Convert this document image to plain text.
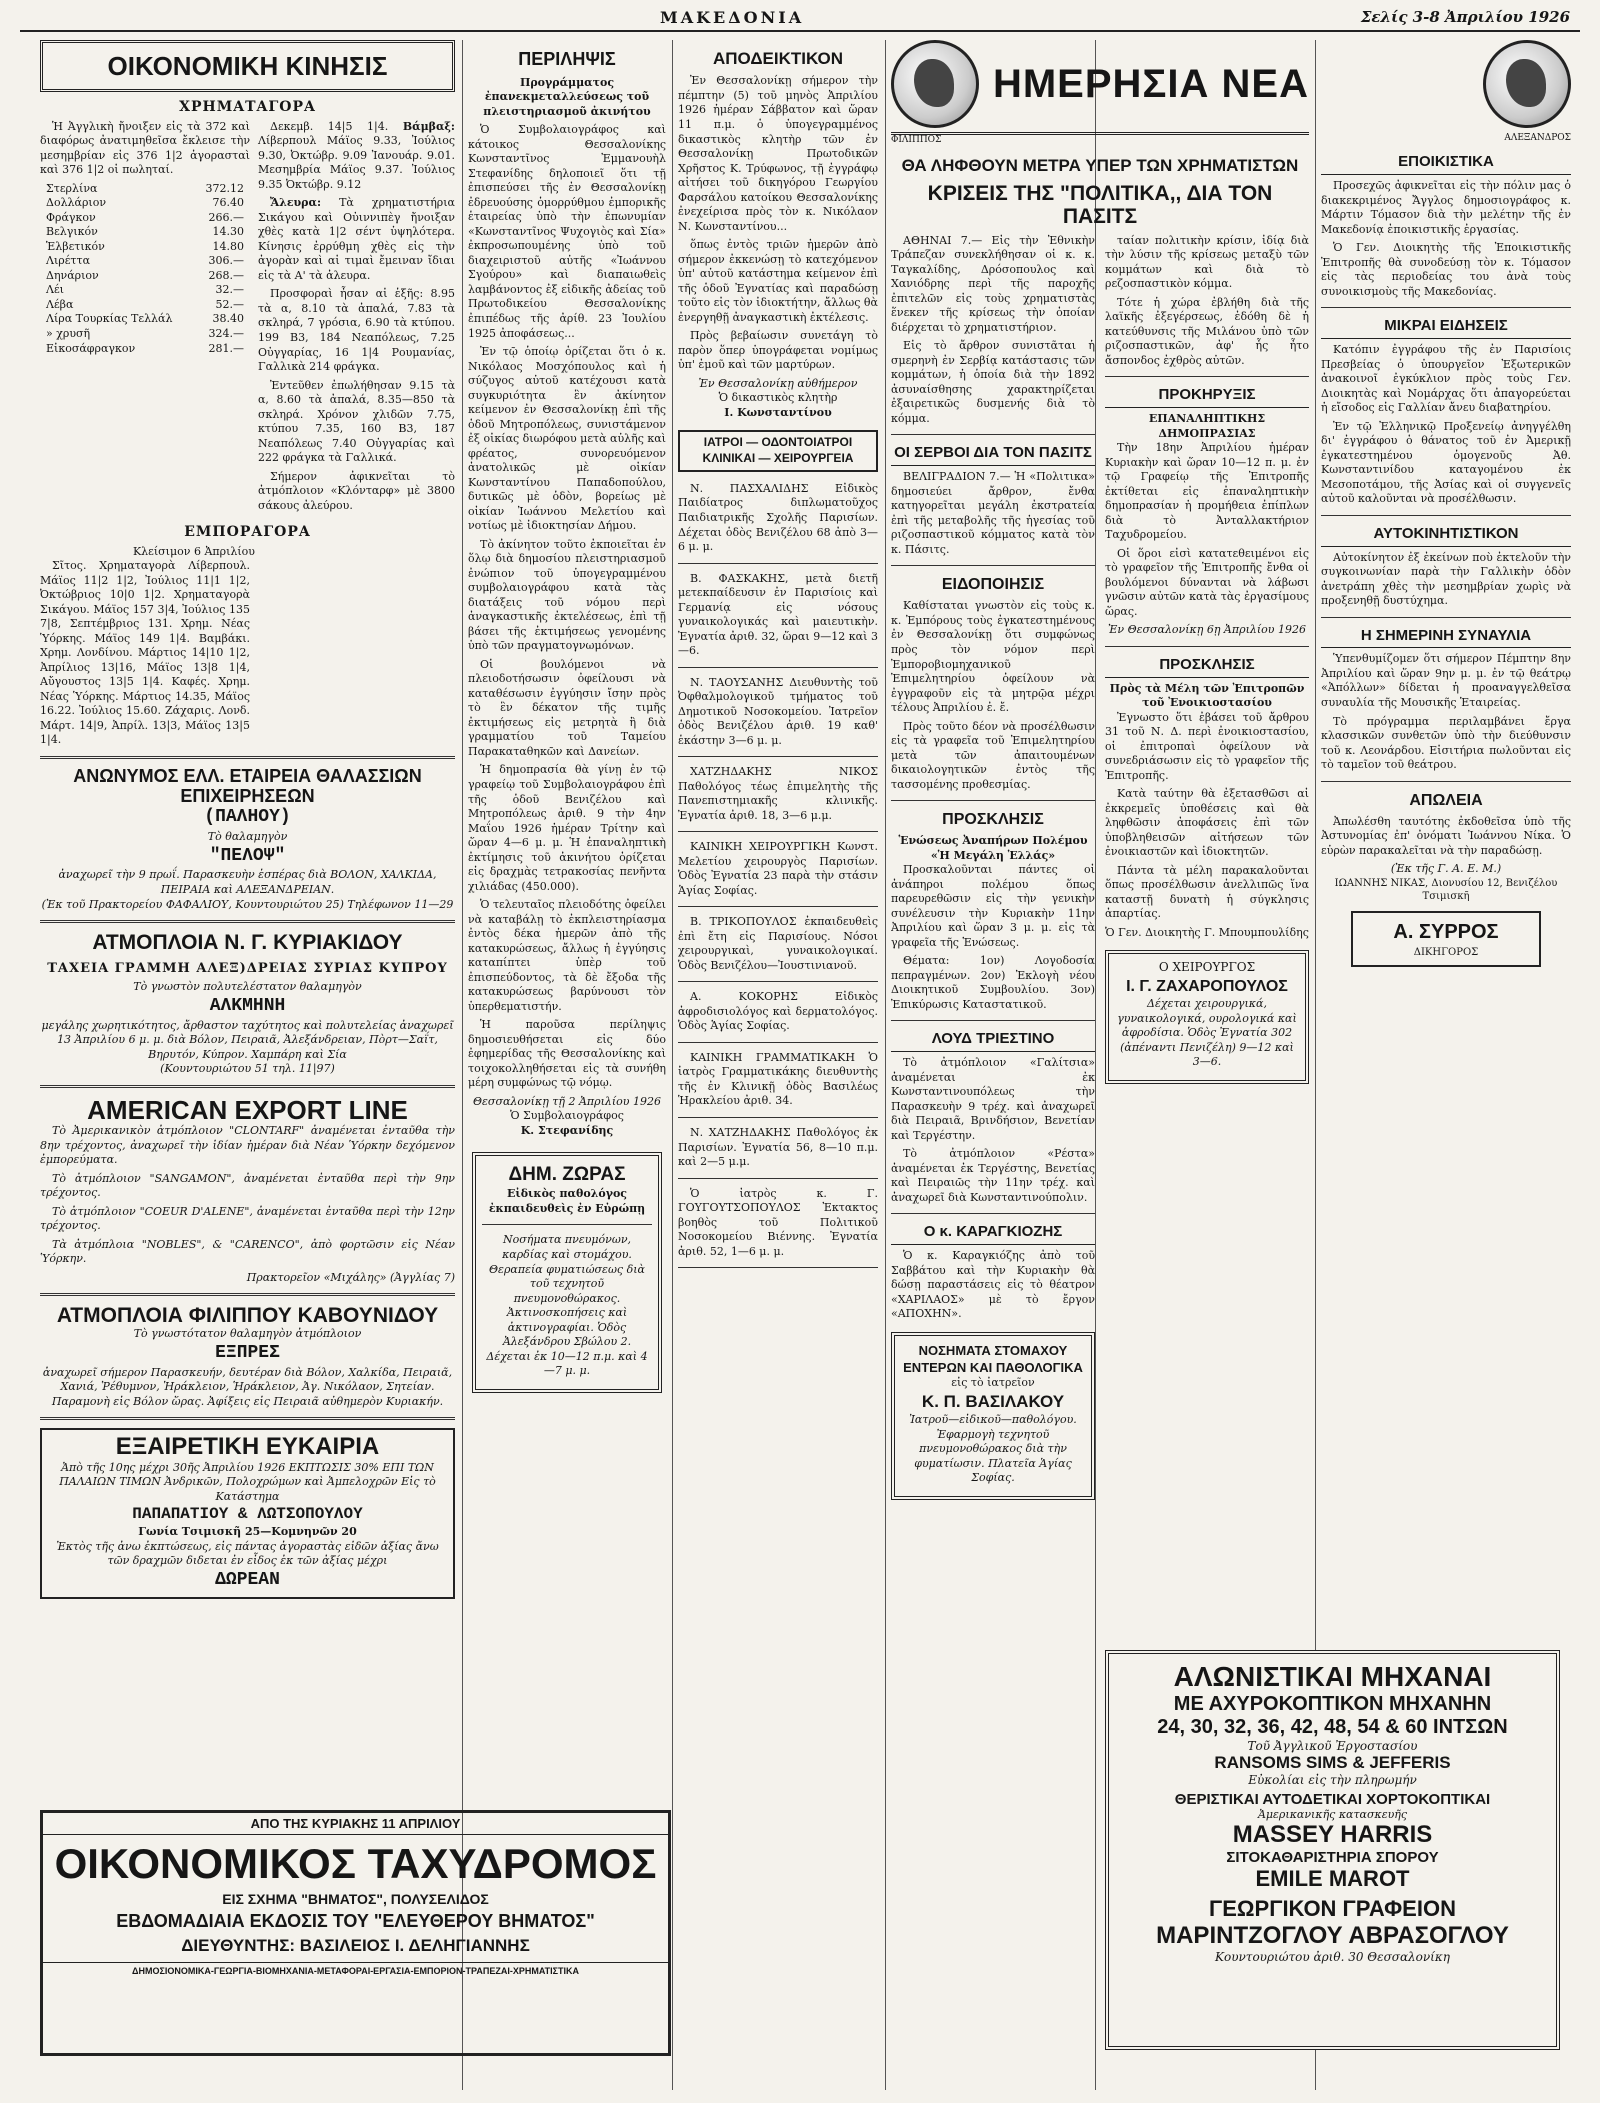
ΜΑΚΕΔΟΝΙΑ	Σελίς 3-8 Ἀπριλίου 1926
ΟΙΚΟΝΟΜΙΚΗ ΚΙΝΗΣΙΣ
ΧΡΗΜΑΤΑΓΟΡΑ

Ἡ Ἀγγλικὴ ἤνοιξεν εἰς τὰ 372 καὶ διαφόρως ἀνατιμηθεῖσα ἔκλεισε τὴν μεσημβρίαν εἰς 376 1|2 ἀγορασταὶ καὶ 376 1|2 οἱ πωληταί.

Στερλίνα	372.12
Δολλάριον	76.40
Φράγκον	266.—
Βελγικόν	14.30
Ἑλβετικόν	14.80
Λιρέττα	306.—
Δηνάριον	268.—
Λέι	32.—
Λέβα	52.—
Λίρα Τουρκίας Τελλάλ	38.40
» χρυσῆ	324.—
Εἰκοσάφραγκον	281.—

Δεκεμβ. 14|5 1|4. Βάμβαξ: Λίβερπουλ Μάϊος 9.33, Ἰούλιος 9.30, Ὀκτώβρ. 9.09 Ἰανουάρ. 9.01. Μεσημβρία Μάϊος 9.37. Ἰούλιος 9.35 Ὀκτώβρ. 9.12

Ἄλευρα: Τὰ χρηματιστήρια Σικάγου καὶ Οὐιννιπὲγ ἤνοιξαν χθὲς κατὰ 1|2 σέντ ὑψηλότερα. Κίνησις ἐρρύθμη χθὲς εἰς τὴν ἀγορὰν καὶ αἱ τιμαὶ ἔμειναν ἴδιαι εἰς τὰ Α' τὰ ἀλευρα.

Προσφοραὶ ἦσαν αἱ ἑξῆς: 8.95 τὰ α, 8.10 τὰ ἀπαλά, 7.83 τὰ σκληρά, 7 γρόσια, 6.90 τὰ κτύπου. 199 Β3, 184 Νεαπόλεως, 7.25 Οὐγγαρίας, 16 1|4 Ρουμανίας, Γαλλικὰ 214 φράγκα.

Ἐντεῦθεν ἐπωλήθησαν 9.15 τὰ α, 8.60 τὰ ἀπαλά, 8.35—850 τὰ σκληρά. Χρόνον χλιδῶν 7.75, κτύπου 7.35, 160 Β3, 187 Νεαπόλεως 7.40 Οὐγγαρίας καὶ 222 φράγκα τὰ Γαλλικά.

Σήμερον ἀφικνεῖται τὸ ἀτμόπλοιον «Κλόνταρφ» μὲ 3800 σάκους ἀλεύρου.

ΕΜΠΟΡΑΓΟΡΑ
Κλείσιμον 6 Ἀπριλίου

Σῖτος. Χρηματαγορὰ Λίβερπουλ. Μάϊος 11|2 1|2, Ἰούλιος 11|1 1|2, Ὀκτώβριος 10|0 1|2. Χρηματαγορὰ Σικάγου. Μάϊος 157 3|4, Ἰούλιος 135 7|8, Σεπτέμβριος 131. Χρημ. Νέας Ὑόρκης. Μάϊος 149 1|4. Βαμβάκι. Χρημ. Λονδίνου. Μάρτιος 14|10 1|2, Ἀπρίλιος 13|16, Μάϊος 13|8 1|4, Αὔγουστος 13|5 1|4. Καφές. Χρημ. Νέας Ὑόρκης. Μάρτιος 14.35, Μάϊος 16.22. Ἰούλιος 15.60. Ζάχαρις. Λονδ. Μάρτ. 14|9, Ἀπρίλ. 13|3, Μάϊος 13|5 1|4.

ΑΝΩΝΥΜΟΣ ΕΛΛ. ΕΤΑΙΡΕΙΑ ΘΑΛΑΣΣΙΩΝ ΕΠΙΧΕΙΡΗΣΕΩΝ
(ΠΑΛΗΟΥ)
Τὸ θαλαμηγὸν
"ΠΕΛΟΨ"
ἀναχωρεῖ τὴν 9 πρωΐ. Παρασκευὴν ἑσπέρας διὰ ΒΟΛΟΝ, ΧΑΛΚΙΔΑ, ΠΕΙΡΑΙΑ καὶ ΑΛΕΞΑΝΔΡΕΙΑΝ.
(Ἐκ τοῦ Πρακτορείου ΦΑΦΑΛΙΟΥ, Κουντουριώτου 25) Τηλέφωνον 11—29
ΑΤΜΟΠΛΟΙΑ Ν. Γ. ΚΥΡΙΑΚΙΔΟΥ
ΤΑΧΕΙΑ ΓΡΑΜΜΗ ΑΛΕΞ)ΔΡΕΙΑΣ ΣΥΡΙΑΣ ΚΥΠΡΟΥ
Τὸ γνωστὸν πολυτελέστατον θαλαμηγὸν
ΑΛΚΜΗΝΗ
μεγάλης χωρητικότητος, ἄρθαστον ταχύτητος καὶ πολυτελείας ἀναχωρεῖ 13 Ἀπριλίου 6 μ. μ. διὰ Βόλον, Πειραιᾶ, Ἀλεξάνδρειαν, Πὸρτ—Σαΐτ, Βηρυτόν, Κύπρον. Χαμπάρη καὶ Σία
(Κουντουριώτου 51 τηλ. 11|97)
AMERICAN EXPORT LINE

Τὸ Ἀμερικανικὸν ἀτμόπλοιον "CLONTARF" ἀναμένεται ἐνταῦθα τὴν 8ην τρέχοντος, ἀναχωρεῖ τὴν ἰδίαν ἡμέραν διὰ Νέαν Ὑόρκην δεχόμενον ἐμπορεύματα.

Τὸ ἀτμόπλοιον "SANGAMON", ἀναμένεται ἐνταῦθα περὶ τὴν 9ην τρέχοντος.

Τὸ ἀτμόπλοιον "COEUR D'ALENE", ἀναμένεται ἐνταῦθα περὶ τὴν 12ην τρέχοντος.

Τὰ ἀτμόπλοια "NOBLES", & "CARENCO", ἀπὸ φορτῶσιν εἰς Νέαν Ὑόρκην.

Πρακτορεῖον «Μιχάλης» (Ἀγγλίας 7)
ΑΤΜΟΠΛΟΙΑ ΦΙΛΙΠΠΟΥ ΚΑΒΟΥΝΙΔΟΥ
Τὸ γνωστότατον θαλαμηγὸν ἀτμόπλοιον
ΕΞΠΡΕΣ
ἀναχωρεῖ σήμερον Παρασκευήν, δευτέραν διὰ Βόλον, Χαλκίδα, Πειραιᾶ, Χανιά, Ῥέθυμνον, Ἡράκλειον, Ἡράκλειον, Ἀγ. Νικόλαον, Σητείαν. Παραμονὴ εἰς Βόλον ὥρας. Ἀφίξεις εἰς Πειραιᾶ αὐθημερὸν Κυριακήν.
ΕΞΑΙΡΕΤΙΚΗ ΕΥΚΑΙΡΙΑ
Ἀπὸ τῆς 10ης μέχρι 30ῆς Ἀπριλίου 1926 ΕΚΠΤΩΣΙΣ 30% ΕΠΙ ΤΩΝ ΠΑΛΑΙΩΝ ΤΙΜΩΝ Ἀνδρικῶν, Πολοχρώμων καὶ Ἀμπελοχρῶν Εἰς τὸ Κατάστημα
ΠΑΠΑΠΑΤΙΟΥ & ΛΩΤΣΟΠΟΥΛΟΥ
Γωνία Τσιμισκῆ 25—Κομνηνῶν 20
Ἐκτὸς τῆς ἀνω ἐκπτώσεως, εἰς πάντας ἀγοραστὰς εἰδῶν ἀξίας ἄνω τῶν δραχμῶν διδεται ἐν εἶδος ἐκ τῶν ἀξίας μέχρι
ΔΩΡΕΑΝ
ΑΠΟ ΤΗΣ ΚΥΡΙΑΚΗΣ 11 ΑΠΡΙΛΙΟΥ
ΟΙΚΟΝΟΜΙΚΟΣ ΤΑΧΥΔΡΟΜΟΣ
ΕΙΣ ΣΧΗΜΑ "ΒΗΜΑΤΟΣ", ΠΟΛΥΣΕΛΙΔΟΣ
ΕΒΔΟΜΑΔΙΑΙΑ ΕΚΔΟΣΙΣ ΤΟΥ "ΕΛΕΥΘΕΡΟΥ ΒΗΜΑΤΟΣ"
ΔΙΕΥΘΥΝΤΗΣ: ΒΑΣΙΛΕΙΟΣ Ι. ΔΕΛΗΓΙΑΝΝΗΣ
ΔΗΜΟΣΙΟΝΟΜΙΚΑ-ΓΕΩΡΓΙΑ-ΒΙΟΜΗΧΑΝΙΑ-ΜΕΤΑΦΟΡΑΙ-ΕΡΓΑΣΙΑ-ΕΜΠΟΡΙΟΝ-ΤΡΑΠΕΖΑΙ-ΧΡΗΜΑΤΙΣΤΙΚΑ
ΠΕΡΙΛΗΨΙΣ
Προγράμματος ἐπανεκμεταλλεύσεως τοῦ πλειστηριασμοῦ ἀκινήτου

Ὁ Συμβολαιογράφος καὶ κάτοικος Θεσσαλονίκης Κωνσταντῖνος Ἐμμανουὴλ Στεφανίδης δηλοποιεῖ ὅτι τῇ ἐπισπεύσει τῆς ἐν Θεσσαλονίκῃ ἐδρευούσης ὁμορρύθμου ἐμπορικῆς ἑταιρείας ὑπὸ τὴν ἐπωνυμίαν «Κωνσταντῖνος Ψυχογιὸς καὶ Σία» ἐκπροσωπουμένης ὑπὸ τοῦ διαχειριστοῦ αὐτῆς «Ἰωάννου Σγούρου» καὶ διαπαιωθεὶς λαμβάνοντος ἐξ εἰδικῆς ἀδείας τοῦ Πρωτοδικείου Θεσσαλονίκης ἐπιπέδως τῆς ἀρίθ. 23 Ἰουλίου 1925 ἀποφάσεως...

Ἐν τῷ ὁποίῳ ὁρίζεται ὅτι ὁ κ. Νικόλαος Μοσχόπουλος καὶ ἡ σύζυγος αὐτοῦ κατέχουσι κατὰ συγκυριότητα ἓν ἀκίνητον κείμενον ἐν Θεσσαλονίκῃ ἐπὶ τῆς ὁδοῦ Μητροπόλεως, συνιστάμενον ἐξ οἰκίας διωρόφου μετὰ αὐλῆς καὶ φρέατος, συνορευόμενον ἀνατολικῶς μὲ οἰκίαν Κωνσταντίνου Παπαδοπούλου, δυτικῶς μὲ ὁδὸν, βορείως μὲ οἰκίαν Ἰωάννου Μελετίου καὶ νοτίως μὲ ἰδιοκτησίαν Δήμου.

Τὸ ἀκίνητον τοῦτο ἐκποιεῖται ἐν ὅλῳ διὰ δημοσίου πλειστηριασμοῦ ἐνώπιον τοῦ ὑπογεγραμμένου συμβολαιογράφου κατὰ τὰς διατάξεις τοῦ νόμου περὶ ἀναγκαστικῆς ἐκτελέσεως, ἐπὶ τῇ βάσει τῆς ἐκτιμήσεως γενομένης ὑπὸ τῶν πραγματογνωμόνων.

Οἱ βουλόμενοι νὰ πλειοδοτήσωσιν ὀφείλουσι νὰ καταθέσωσιν ἐγγύησιν ἴσην πρὸς τὸ ἓν δέκατον τῆς τιμῆς ἐκτιμήσεως εἰς μετρητὰ ἢ διὰ γραμματίου τοῦ Ταμείου Παρακαταθηκῶν καὶ Δανείων.

Ἡ δημοπρασία θὰ γίνῃ ἐν τῷ γραφείῳ τοῦ Συμβολαιογράφου ἐπὶ τῆς ὁδοῦ Βενιζέλου καὶ Μητροπόλεως ἀριθ. 9 τὴν 4ην Μαΐου 1926 ἡμέραν Τρίτην καὶ ὥραν 4—6 μ. μ. Ἡ ἐπαναληπτικὴ ἐκτίμησις τοῦ ἀκινήτου ὁρίζεται εἰς δραχμὰς τετρακοσίας πενῆντα χιλιάδας (450.000).

Ὁ τελευταῖος πλειοδότης ὀφείλει νὰ καταβάλῃ τὸ ἐκπλειστηρίασμα ἐντὸς δέκα ἡμερῶν ἀπὸ τῆς κατακυρώσεως, ἄλλως ἡ ἐγγύησις καταπίπτει ὑπὲρ τοῦ ἐπισπεύδοντος, τὰ δὲ ἔξοδα τῆς κατακυρώσεως βαρύνουσι τὸν ὑπερθεματιστήν.

Ἡ παροῦσα περίληψις δημοσιευθήσεται εἰς δύο ἐφημερίδας τῆς Θεσσαλονίκης καὶ τοιχοκολληθήσεται εἰς τὰ συνήθη μέρη συμφώνως τῷ νόμῳ.

Θεσσαλονίκῃ τῇ 2 Ἀπριλίου 1926
Ὁ Συμβολαιογράφος
Κ. Στεφανίδης
ΔΗΜ. ΖΩΡΑΣ
Εἰδικὸς παθολόγος ἐκπαιδευθεὶς ἐν Εὐρώπῃ

Νοσήματα πνευμόνων, καρδίας καὶ στομάχου. Θεραπεία φυματιώσεως διὰ τοῦ τεχνητοῦ πνευμονοθώρακος. Ἀκτινοσκοπήσεις καὶ ἀκτινογραφίαι. Ὁδὸς Ἀλεξάνδρου Σβώλου 2. Δέχεται ἐκ 10—12 π.μ. καὶ 4—7 μ. μ.

ΑΠΟΔΕΙΚΤΙΚΟΝ

Ἐν Θεσσαλονίκῃ σήμερον τὴν πέμπτην (5) τοῦ μηνὸς Ἀπριλίου 1926 ἡμέραν Σάββατον καὶ ὥραν 11 π.μ. ὁ ὑπογεγραμμένος δικαστικὸς κλητὴρ τῶν ἐν Θεσσαλονίκῃ Πρωτοδικῶν Χρῆστος Κ. Τρύφωνος, τῇ ἐγγράφῳ αἰτήσει τοῦ δικηγόρου Γεωργίου Φαρσάλου κατοίκου Θεσσαλονίκης ἐνεχείρισα πρὸς τὸν κ. Νικόλαον Ν. Κωνσταντίνου...

ὅπως ἐντὸς τριῶν ἡμερῶν ἀπὸ σήμερον ἐκκενώσῃ τὸ κατεχόμενον ὑπ' αὐτοῦ κατάστημα κείμενον ἐπὶ τῆς ὁδοῦ Ἐγνατίας καὶ παραδώσῃ τοῦτο εἰς τὸν ἰδιοκτήτην, ἄλλως θὰ ἐνεργηθῇ ἀναγκαστικὴ ἐκτέλεσις.

Πρὸς βεβαίωσιν συνετάγη τὸ παρὸν ὅπερ ὑπογράφεται νομίμως ὑπ' ἐμοῦ καὶ τῶν μαρτύρων.

Ἐν Θεσσαλονίκῃ αὐθήμερον
Ὁ δικαστικὸς κλητὴρ
Ι. Κωνσταντίνου
ΙΑΤΡΟΙ — ΟΔΟΝΤΟΙΑΤΡΟΙ ΚΛΙΝΙΚΑΙ — ΧΕΙΡΟΥΡΓΕΙΑ

Ν. ΠΑΣΧΑΛΙΔΗΣ Εἰδικὸς Παιδίατρος διπλωματοῦχος Παιδιατρικῆς Σχολῆς Παρισίων. Δέχεται ὁδὸς Βενιζέλου 68 ἀπὸ 3—6 μ. μ.

Β. ΦΑΣΚΑΚΗΣ, μετὰ διετῆ μετεκπαίδευσιν ἐν Παρισίοις καὶ Γερμανίᾳ εἰς νόσους γυναικολογικάς καὶ μαιευτικὴν. Ἐγνατία ἀριθ. 32, ὥραι 9—12 καὶ 3—6.

Ν. ΤΑΟΥΣΑΝΗΣ Διευθυντὴς τοῦ Ὀφθαλμολογικοῦ τμήματος τοῦ Δημοτικοῦ Νοσοκομείου. Ἰατρεῖον ὁδὸς Βενιζέλου ἀριθ. 19 καθ' ἑκάστην 3—6 μ. μ.

ΧΑΤΖΗΔΑΚΗΣ ΝΙΚΟΣ Παθολόγος τέως ἐπιμελητὴς τῆς Πανεπιστημιακῆς κλινικῆς. Ἐγνατία ἀριθ. 18, 3—6 μ.μ.

ΚΑΙΝΙΚΗ ΧΕΙΡΟΥΡΓΙΚΗ Κωνστ. Μελετίου χειρουργὸς Παρισίων. Ὁδὸς Ἐγνατία 23 παρὰ τὴν στάσιν Ἁγίας Σοφίας.

Β. ΤΡΙΚΟΠΟΥΛΟΣ ἐκπαιδευθεὶς ἐπὶ ἔτη εἰς Παρισίους. Νόσοι χειρουργικαὶ, γυναικολογικαί. Ὁδὸς Βενιζέλου—Ἰουστινιανοῦ.

Α. ΚΟΚΟΡΗΣ Εἰδικὸς ἀφροδισιολόγος καὶ δερματολόγος. Ὁδὸς Ἁγίας Σοφίας.

ΚΑΙΝΙΚΗ ΓΡΑΜΜΑΤΙΚΑΚΗ Ὁ ἰατρὸς Γραμματικάκης διευθυντὴς τῆς ἐν Κλινικῇ ὁδὸς Βασιλέως Ἡρακλείου ἀριθ. 34.

Ν. ΧΑΤΖΗΔΑΚΗΣ Παθολόγος ἐκ Παρισίων. Ἐγνατία 56, 8—10 π.μ. καὶ 2—5 μ.μ.

Ὁ ἰατρὸς κ. Γ. ΓΟΥΓΟΥΤΣΟΠΟΥΛΟΣ Ἐκτακτος βοηθὸς τοῦ Πολιτικοῦ Νοσοκομείου Βιέννης. Ἐγνατία ἀριθ. 52, 1—6 μ. μ.

ΗΜΕΡΗΣΙΑ ΝΕΑ
ΦΙΛΙΠΠΟΣ
ΘΑ ΛΗΦΘΟΥΝ ΜΕΤΡΑ ΥΠΕΡ ΤΩΝ ΧΡΗΜΑΤΙΣΤΩΝ
ΚΡΙΣΕΙΣ ΤΗΣ "ΠΟΛΙΤΙΚΑ,, ΔΙΑ ΤΟΝ ΠΑΣΙΤΣ

ΑΘΗΝΑΙ 7.— Εἰς τὴν Ἐθνικὴν Τράπεζαν συνεκλήθησαν οἱ κ. κ. Ταγκαλίδης, Δρόσοπουλος καὶ Χανιόδρης περὶ τῆς παροχῆς ἐπιτελῶν εἰς τοὺς χρηματιστὰς ἕνεκεν τῆς κρίσεως τὴν ὁποίαν διέρχεται τὸ χρηματιστήριον.

Εἰς τὸ ἄρθρον συνιστᾶται ἡ σμερηνὴ ἐν Σερβίᾳ κατάστασις τῶν κομμάτων, ἡ ὁποία διὰ τὴν 1892 ἀσυναίσθησης χαρακτηρίζεται ἐξαιρετικῶς δυσμενής διὰ τὸ κόμμα.

ΟΙ ΣΕΡΒΟΙ ΔΙΑ ΤΟΝ ΠΑΣΙΤΣ

ΒΕΛΙΓΡΑΔΙΟΝ 7.— Ἡ «Πολιτικα» δημοσιεύει ἄρθρον, ἔνθα κατηγορεῖται μεγάλη ἐκστρατεία ἐπὶ τῆς μεταβολῆς τῆς ἡγεσίας τοῦ ριζοσπαστικοῦ κόμματος κατὰ τὸν κ. Πάσιτς.

ΕΙΔΟΠΟΙΗΣΙΣ

Καθίσταται γνωστὸν εἰς τοὺς κ. κ. Ἐμπόρους τοὺς ἐγκατεστημένους ἐν Θεσσαλονίκῃ ὅτι συμφώνως πρὸς τὸν νόμον περὶ Ἐμποροβιομηχανικοῦ Ἐπιμελητηρίου ὀφείλουν νὰ ἐγγραφοῦν εἰς τὰ μητρῷα μέχρι τέλους Ἀπριλίου ἐ. ἔ.

Πρὸς τοῦτο δέον νὰ προσέλθωσιν εἰς τὰ γραφεῖα τοῦ Ἐπιμελητηρίου μετὰ τῶν ἀπαιτουμένων δικαιολογητικῶν ἐντὸς τῆς τασσομένης προθεσμίας.

ΠΡΟΣΚΛΗΣΙΣ
Ἑνώσεως Ἀναπήρων Πολέμου «Ἡ Μεγάλη Ἑλλάς»

Προσκαλοῦνται πάντες οἱ ἀνάπηροι πολέμου ὅπως παρευρεθῶσιν εἰς τὴν γενικὴν συνέλευσιν τὴν Κυριακὴν 11ην Ἀπριλίου καὶ ὥραν 3 μ. μ. εἰς τὰ γραφεῖα τῆς Ἑνώσεως.

Θέματα: 1ον) Λογοδοσία πεπραγμένων. 2ον) Ἐκλογὴ νέου Διοικητικοῦ Συμβουλίου. 3ον) Ἐπικύρωσις Καταστατικοῦ.

ΛΟΥΔ ΤΡΙΕΣΤΙΝΟ

Τὸ ἀτμόπλοιον «Γαλίτσια» ἀναμένεται ἐκ Κωνσταντινουπόλεως τὴν Παρασκευὴν 9 τρέχ. καὶ ἀναχωρεῖ διὰ Πειραιᾶ, Βρινδήσιον, Βενετίαν καὶ Τεργέστην.

Τὸ ἀτμόπλοιον «Ρέστα» ἀναμένεται ἐκ Τεργέστης, Βενετίας καὶ Πειραιῶς τὴν 11ην τρέχ. καὶ ἀναχωρεῖ διὰ Κωνσταντινούπολιν.

Ο κ. ΚΑΡΑΓΚΙΟΖΗΣ

Ὁ κ. Καραγκιόζης ἀπὸ τοῦ Σαββάτου καὶ τὴν Κυριακὴν θὰ δώσῃ παραστάσεις εἰς τὸ θέατρον «ΧΑΡΙΛΑΟΣ» μὲ τὸ ἔργον «ΑΠΟΧΗΝ».

ΝΟΣΗΜΑΤΑ ΣΤΟΜΑΧΟΥ ΕΝΤΕΡΩΝ ΚΑΙ ΠΑΘΟΛΟΓΙΚΑ
εἰς τὸ ἰατρεῖον
Κ. Π. ΒΑΣΙΛΑΚΟΥ

Ἰατροῦ—εἰδικοῦ—παθολόγου. Ἐφαρμογὴ τεχνητοῦ πνευμονοθώρακος διὰ τὴν φυματίωσιν. Πλατεῖα Ἁγίας Σοφίας.

ταίαν πολιτικὴν κρίσιν, ἰδίᾳ διὰ τὴν λύσιν τῆς κρίσεως μεταξὺ τῶν κομμάτων καὶ διὰ τὸ ρεζοσπαστικὸν κόμμα.

Τότε ἡ χώρα ἐβλήθη διὰ τῆς λαϊκῆς ἐξεγέρσεως, ἐδόθη δὲ ἡ κατεύθυνσις τῆς Μιλάνου ὑπὸ τῶν ριζοσπαστικῶν, ἀφ' ἧς ἦτο ἄσπονδος ἐχθρὸς αὐτῶν.

ΠΡΟΚΗΡΥΞΙΣ
ΕΠΑΝΑΛΗΠΤΙΚΗΣ ΔΗΜΟΠΡΑΣΙΑΣ

Τὴν 18ην Ἀπριλίου ἡμέραν Κυριακὴν καὶ ὥραν 10—12 π. μ. ἐν τῷ Γραφείῳ τῆς Ἐπιτροπῆς ἐκτίθεται εἰς ἐπαναληπτικὴν δημοπρασίαν ἡ προμήθεια ἐπίπλων διὰ τὸ Ἀνταλλακτήριον Ταχυδρομείου.

Οἱ ὅροι εἰσὶ κατατεθειμένοι εἰς τὸ γραφεῖον τῆς Ἐπιτροπῆς ἔνθα οἱ βουλόμενοι δύνανται νὰ λάβωσι γνῶσιν αὐτῶν κατὰ τὰς ἐργασίμους ὥρας.

Ἐν Θεσσαλονίκῃ 6ῃ Ἀπριλίου 1926
ΠΡΟΣΚΛΗΣΙΣ
Πρὸς τὰ Μέλη τῶν Ἐπιτροπῶν τοῦ Ἐνοικιοστασίου

Ἐγνωστο ὅτι ἐβάσει τοῦ ἄρθρου 31 τοῦ Ν. Δ. περὶ ἐνοικιοστασίου, οἱ ἐπιτροπαὶ ὀφείλουν νὰ συνεδριάσωσιν εἰς τὸ γραφεῖον τῆς Ἐπιτροπῆς.

Κατὰ ταύτην θὰ ἐξετασθῶσι αἱ ἐκκρεμεῖς ὑποθέσεις καὶ θὰ ληφθῶσιν ἀποφάσεις ἐπὶ τῶν ὑποβληθεισῶν αἰτήσεων τῶν ἐνοικιαστῶν καὶ ἰδιοκτητῶν.

Πάντα τὰ μέλη παρακαλοῦνται ὅπως προσέλθωσιν ἀνελλιπῶς ἵνα καταστῇ δυνατὴ ἡ σύγκλησις ἀπαρτίας.

Ὁ Γεν. Διοικητὴς Γ. Μπουμπουλίδης
Ο ΧΕΙΡΟΥΡΓΟΣ
Ι. Γ. ΖΑΧΑΡΟΠΟΥΛΟΣ

Δέχεται χειρουργικά, γυναικολογικά, ουρολογικά καὶ ἀφροδίσια. Ὁδὸς Ἐγνατία 302 (ἀπέναντι Πενιζέλη) 9—12 καὶ 3—6.

ΑΛΕΞΑΝΔΡΟΣ
ΕΠΟΙΚΙΣΤΙΚΑ

Προσεχῶς ἀφικνεῖται εἰς τὴν πόλιν μας ὁ διακεκριμένος Ἄγγλος δημοσιογράφος κ. Μάρτιν Τόμασον διὰ τὴν μελέτην τῆς ἐν Μακεδονίᾳ ἐποικιστικῆς ἐργασίας.

Ὁ Γεν. Διοικητὴς τῆς Ἐποικιστικῆς Ἐπιτροπῆς θὰ συνοδεύσῃ τὸν κ. Τόμασον εἰς τὰς περιοδείας του ἀνὰ τοὺς συνοικισμοὺς τῆς Μακεδονίας.

ΜΙΚΡΑΙ ΕΙΔΗΣΕΙΣ

Κατόπιν ἐγγράφου τῆς ἐν Παρισίοις Πρεσβείας ὁ ὑπουργεῖον Ἐξωτερικῶν ἀνακοινοῖ ἐγκύκλιον πρὸς τοὺς Γεν. Διοικητὰς καὶ Νομάρχας ὅτι ἀπαγορεύεται ἡ εἴσοδος εἰς Γαλλίαν ἄνευ διαβατηρίου.

Ἐν τῷ Ἐλληνικῷ Προξενείῳ ἀνηγγέλθη δι' ἐγγράφου ὁ θάνατος τοῦ ἐν Ἀμερικῇ ἐγκατεστημένου ὁμογενοῦς Ἀθ. Κωνσταντινίδου καταγομένου ἐκ Μεσοποτάμου, τῆς Ἀσίας καὶ οἱ συγγενεῖς αὐτοῦ καλοῦνται νὰ προσέλθωσιν.

ΑΥΤΟΚΙΝΗΤΙΣΤΙΚΟΝ

Αὐτοκίνητον ἐξ ἐκείνων ποὺ ἐκτελοῦν τὴν συγκοινωνίαν παρὰ τὴν Γαλλικὴν ὁδὸν ἀνετράπη χθὲς τὴν μεσημβρίαν χωρὶς νὰ προξενηθῇ δυστύχημα.

Η ΣΗΜΕΡΙΝΗ ΣΥΝΑΥΛΙΑ

Ὑπενθυμίζομεν ὅτι σήμερον Πέμπτην 8ην Ἀπριλίου καὶ ὥραν 9ην μ. μ. ἐν τῷ θεάτρῳ «Ἀπόλλων» δίδεται ἡ προαναγγελθεῖσα συναυλία τῆς Μουσικῆς Ἑταιρείας.

Τὸ πρόγραμμα περιλαμβάνει ἔργα κλασσικῶν συνθετῶν ὑπὸ τὴν διεύθυνσιν τοῦ κ. Λεονάρδου. Εἰσιτήρια πωλοῦνται εἰς τὸ ταμεῖον τοῦ θεάτρου.

ΑΠΩΛΕΙΑ

Ἀπωλέσθη ταυτότης ἐκδοθεῖσα ὑπὸ τῆς Ἀστυνομίας ἐπ' ὀνόματι Ἰωάννου Νίκα. Ὁ εὑρὼν παρακαλεῖται νὰ τὴν παραδώσῃ.

(Ἐκ τῆς Γ. Α. Ε. Μ.)
ΙΩΑΝΝΗΣ ΝΙΚΑΣ, Διονυσίου 12, Βενιζέλου Τσιμισκῆ
Α. ΣΥΡΡΟΣ
ΔΙΚΗΓΟΡΟΣ
ΑΛΩΝΙΣΤΙΚΑΙ ΜΗΧΑΝΑΙ
ΜΕ ΑΧΥΡΟΚΟΠΤΙΚΟΝ ΜΗΧΑΝΗΝ
24, 30, 32, 36, 42, 48, 54 & 60 ΙΝΤΣΩΝ
Τοῦ Ἀγγλικοῦ Ἐργοστασίου
RANSOMS SIMS & JEFFERIS
Εὐκολίαι εἰς τὴν πληρωμήν
ΘΕΡΙΣΤΙΚΑΙ ΑΥΤΟΔΕΤΙΚΑΙ ΧΟΡΤΟΚΟΠΤΙΚΑΙ
Ἀμερικανικῆς κατασκευῆς
MASSEY HARRIS
ΣΙΤΟΚΑΘΑΡΙΣΤΗΡΙΑ ΣΠΟΡΟΥ
EMILE MAROT
ΓΕΩΡΓΙΚΟΝ ΓΡΑΦΕΙΟΝ
ΜΑΡΙΝΤΖΟΓΛΟΥ ΑΒΡΑΣΟΓΛΟΥ
Κουντουριώτου ἀριθ. 30 Θεσσαλονίκη
